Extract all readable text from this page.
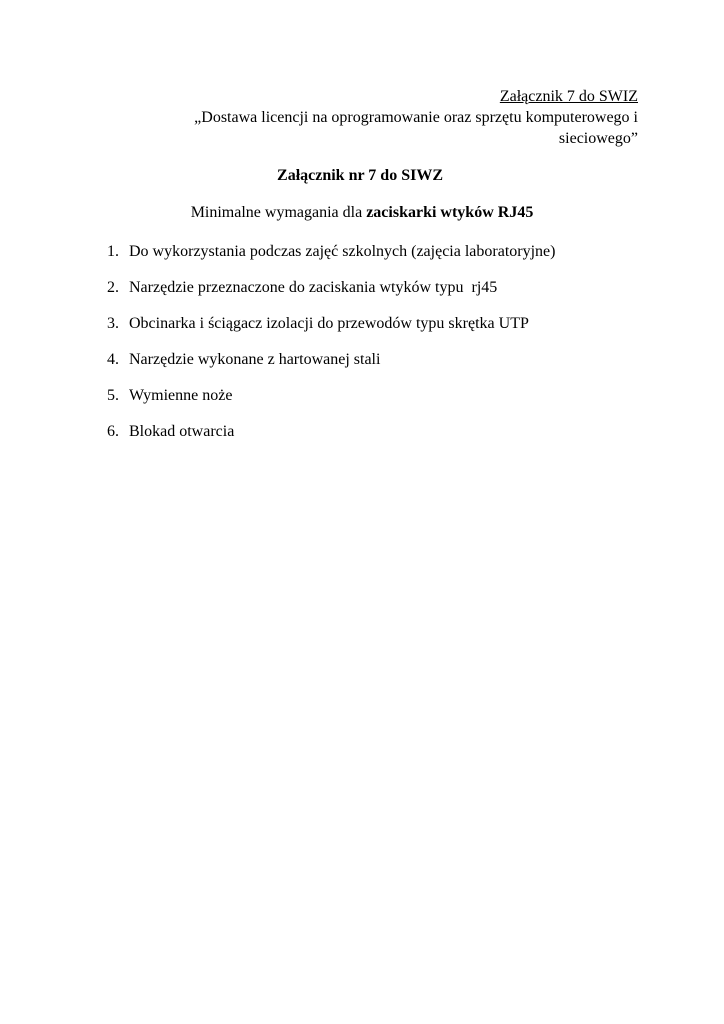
Załącznik 7 do SWIZ
„Dostawa licencji na oprogramowanie oraz sprzętu komputerowego i
sieciowego”
Załącznik nr 7 do SIWZ
Minimalne wymagania dla zaciskarki wtyków RJ45
1. Do wykorzystania podczas zajęć szkolnych (zajęcia laboratoryjne)
2. Narzędzie przeznaczone do zaciskania wtyków typu  rj45
3. Obcinarka i ściągacz izolacji do przewodów typu skrętka UTP
4. Narzędzie wykonane z hartowanej stali
5. Wymienne noże
6. Blokad otwarcia
